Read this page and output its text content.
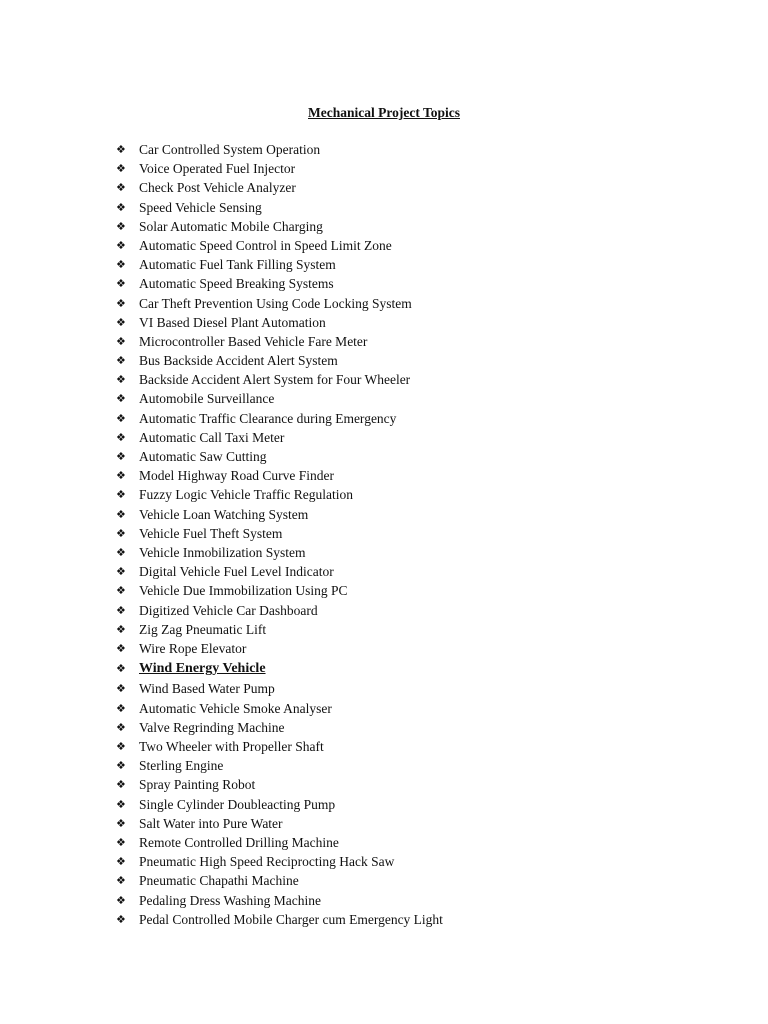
Mechanical Project Topics
❖ Car Controlled System Operation
❖ Voice Operated Fuel Injector
❖ Check Post Vehicle Analyzer
❖ Speed Vehicle Sensing
❖ Solar Automatic Mobile Charging
❖ Automatic Speed Control in Speed Limit Zone
❖ Automatic Fuel Tank Filling System
❖ Automatic Speed Breaking Systems
❖ Car Theft Prevention Using Code Locking System
❖ VI Based Diesel Plant Automation
❖ Microcontroller Based Vehicle Fare Meter
❖ Bus Backside Accident Alert System
❖ Backside Accident Alert System for Four Wheeler
❖ Automobile Surveillance
❖ Automatic Traffic Clearance during Emergency
❖ Automatic Call Taxi Meter
❖ Automatic Saw Cutting
❖ Model Highway Road Curve Finder
❖ Fuzzy Logic Vehicle Traffic Regulation
❖ Vehicle Loan Watching System
❖ Vehicle Fuel Theft System
❖ Vehicle Inmobilization System
❖ Digital Vehicle Fuel Level Indicator
❖ Vehicle Due Immobilization Using PC
❖ Digitized Vehicle Car Dashboard
❖ Zig Zag Pneumatic Lift
❖ Wire Rope Elevator
❖ Wind Energy Vehicle
❖ Wind Based Water Pump
❖ Automatic Vehicle Smoke Analyser
❖ Valve Regrinding Machine
❖ Two Wheeler with Propeller Shaft
❖ Sterling Engine
❖ Spray Painting Robot
❖ Single Cylinder Doubleacting Pump
❖ Salt Water into Pure Water
❖ Remote Controlled Drilling Machine
❖ Pneumatic High Speed Reciprocting Hack Saw
❖ Pneumatic Chapathi Machine
❖ Pedaling Dress Washing Machine
❖ Pedal Controlled Mobile Charger cum Emergency Light
